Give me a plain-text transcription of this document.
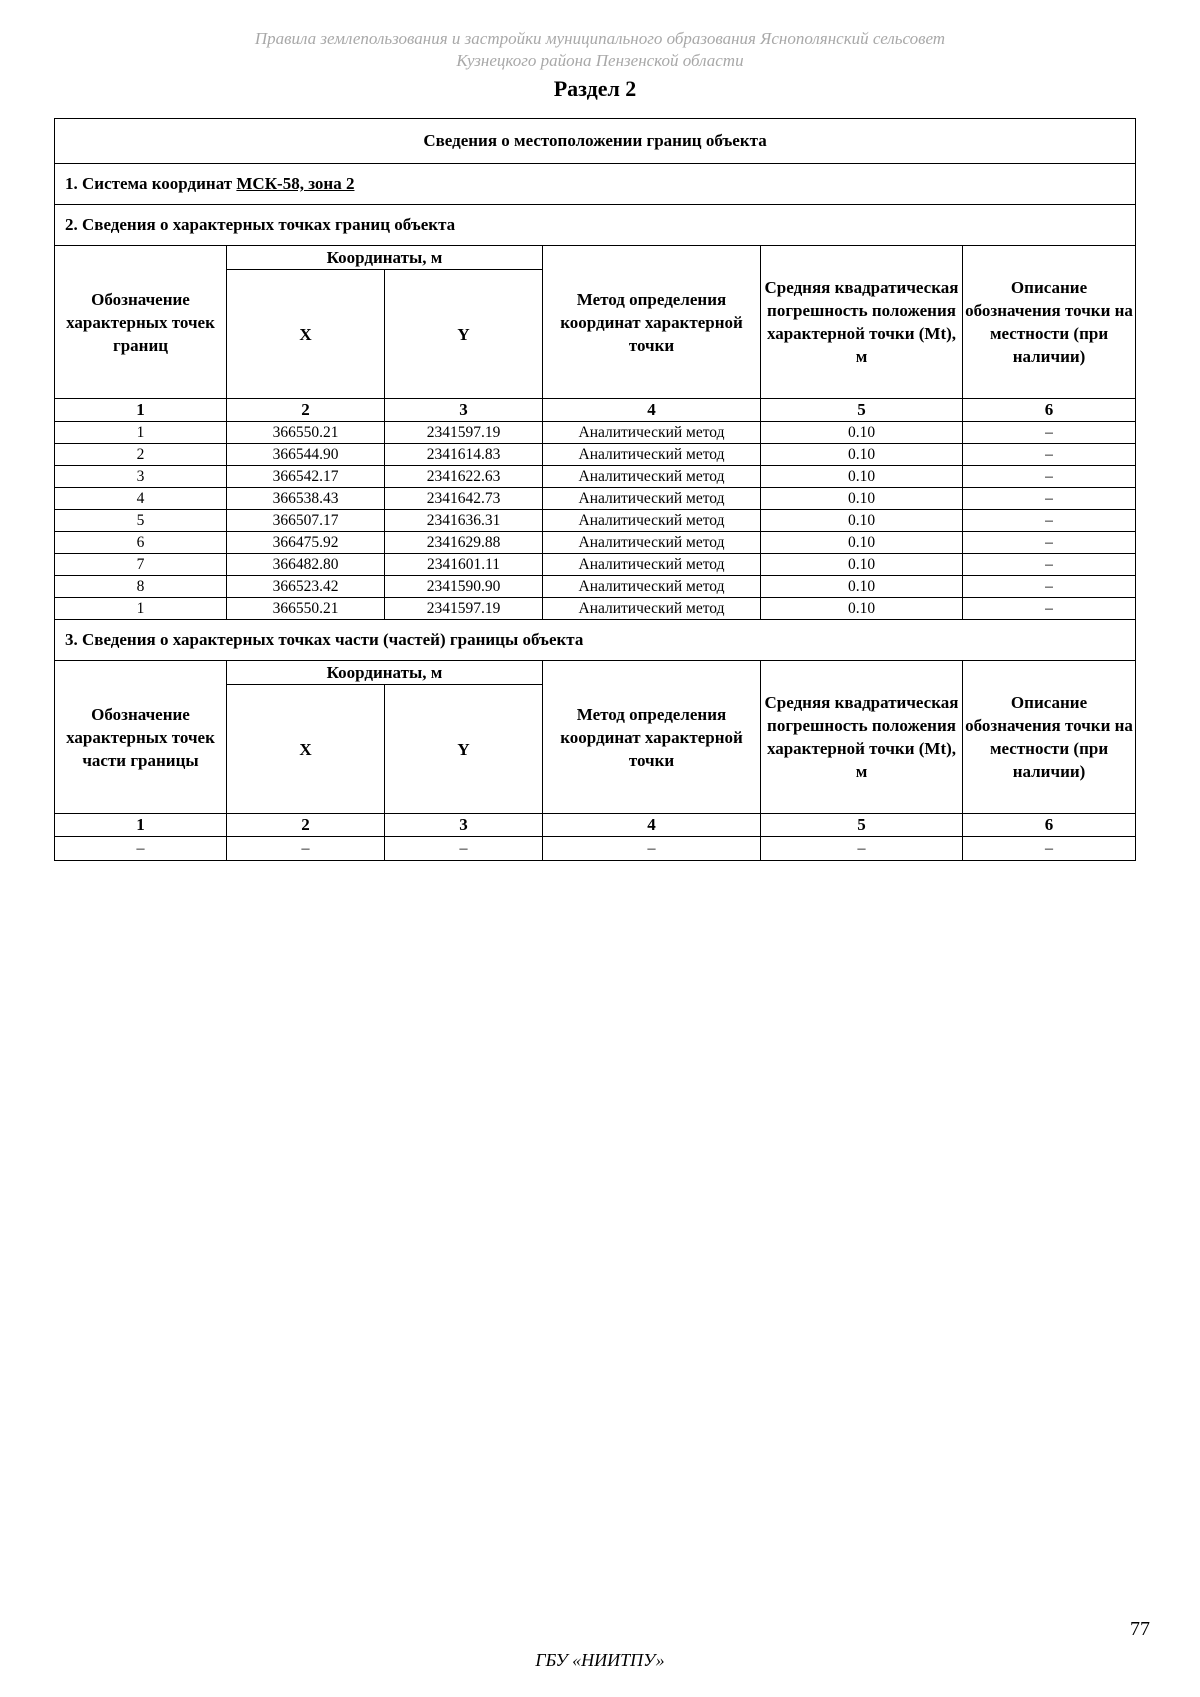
Правила землепользования и застройки муниципального образования Яснополянский сельсовет
Кузнецкого района Пензенской области
Раздел 2
Сведения о местоположении границ объекта					
1. Система координат МСК-58, зона 2					
2. Сведения о характерных точках границ объекта					
Обозначение характерных точек границ	Координаты, м		Метод определения координат характерной точки	Средняя квадратическая погрешность положения характерной точки (Mt), м	Описание обозначения точки на местности (при наличии)
	X	Y			
1	2	3	4	5	6
1	366550.21	2341597.19	Аналитический метод	0.10	–
2	366544.90	2341614.83	Аналитический метод	0.10	–
3	366542.17	2341622.63	Аналитический метод	0.10	–
4	366538.43	2341642.73	Аналитический метод	0.10	–
5	366507.17	2341636.31	Аналитический метод	0.10	–
6	366475.92	2341629.88	Аналитический метод	0.10	–
7	366482.80	2341601.11	Аналитический метод	0.10	–
8	366523.42	2341590.90	Аналитический метод	0.10	–
1	366550.21	2341597.19	Аналитический метод	0.10	–
3. Сведения о характерных точках части (частей) границы объекта					
Обозначение характерных точек части границы	Координаты, м		Метод определения координат характерной точки	Средняя квадратическая погрешность положения характерной точки (Mt), м	Описание обозначения точки на местности (при наличии)
	X	Y			
1	2	3	4	5	6
–	–	–	–	–	–
77
ГБУ «НИИТПУ»
